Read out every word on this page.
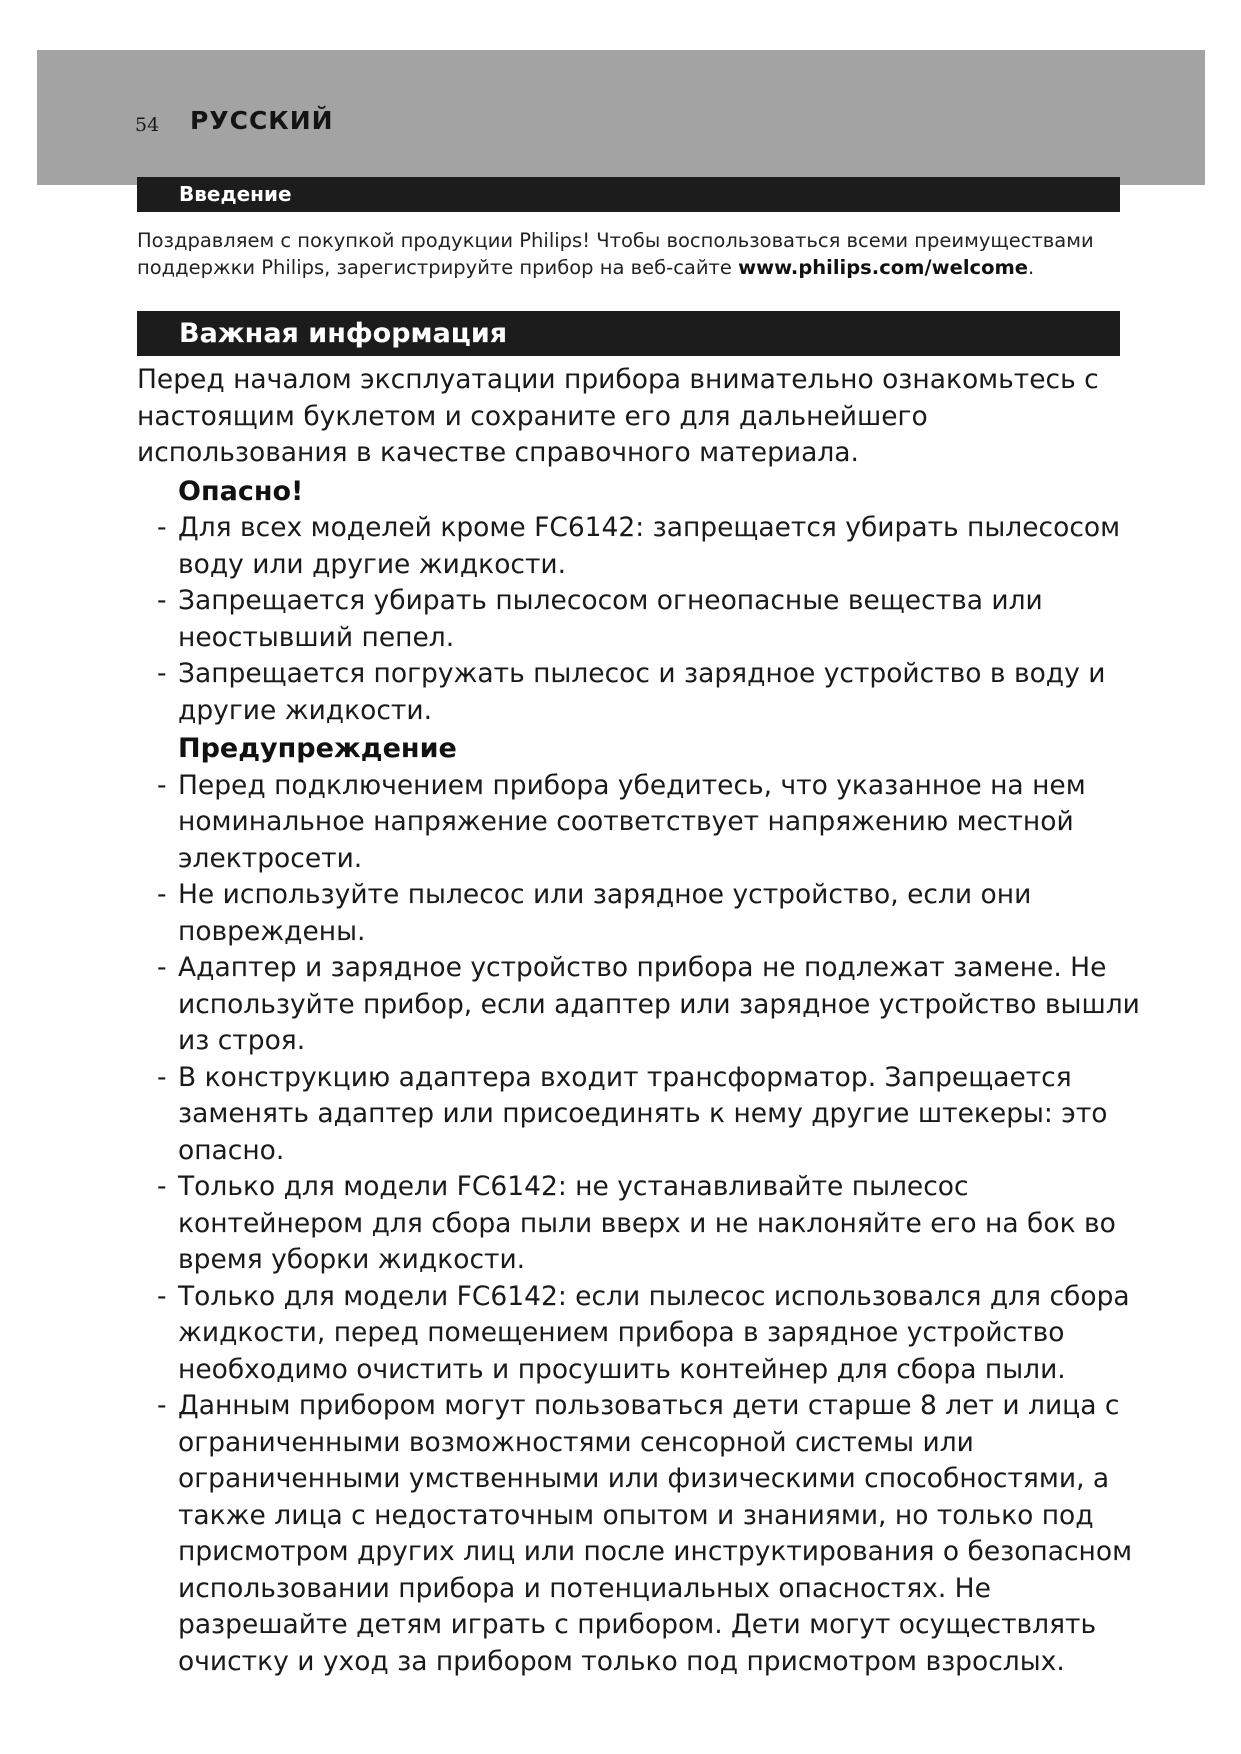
54 РУССКИЙ
Введение
Поздравляем с покупкой продукции Philips! Чтобы воспользоваться всеми преимуществами поддержки Philips, зарегистрируйте прибор на веб-сайте www.philips.com/welcome.
Важная информация

Перед началом эксплуатации прибора внимательно ознакомьтесь с настоящим буклетом и сохраните его для дальнейшего использования в качестве справочного материала.

Опасно!
- Для всех моделей кроме FC6142: запрещается убирать пылесосом воду или другие жидкости.
- Запрещается убирать пылесосом огнеопасные вещества или неостывший пепел.
- Запрещается погружать пылесос и зарядное устройство в воду и другие жидкости.
Предупреждение
- Перед подключением прибора убедитесь, что указанное на нем номинальное напряжение соответствует напряжению местной электросети.
- Не используйте пылесос или зарядное устройство, если они повреждены.
- Адаптер и зарядное устройство прибора не подлежат замене. Не используйте прибор, если адаптер или зарядное устройство вышли из строя.
- В конструкцию адаптера входит трансформатор. Запрещается заменять адаптер или присоединять к нему другие штекеры: это опасно.
- Только для модели FC6142: не устанавливайте пылесос контейнером для сбора пыли вверх и не наклоняйте его на бок во время уборки жидкости.
- Только для модели FC6142: если пылесос использовался для сбора жидкости, перед помещением прибора в зарядное устройство необходимо очистить и просушить контейнер для сбора пыли.
- Данным прибором могут пользоваться дети старше 8 лет и лица с ограниченными возможностями сенсорной системы или ограниченными умственными или физическими способностями, а также лица с недостаточным опытом и знаниями, но только под присмотром других лиц или после инструктирования о безопасном использовании прибора и потенциальных опасностях. Не разрешайте детям играть с прибором. Дети могут осуществлять очистку и уход за прибором только под присмотром взрослых.
